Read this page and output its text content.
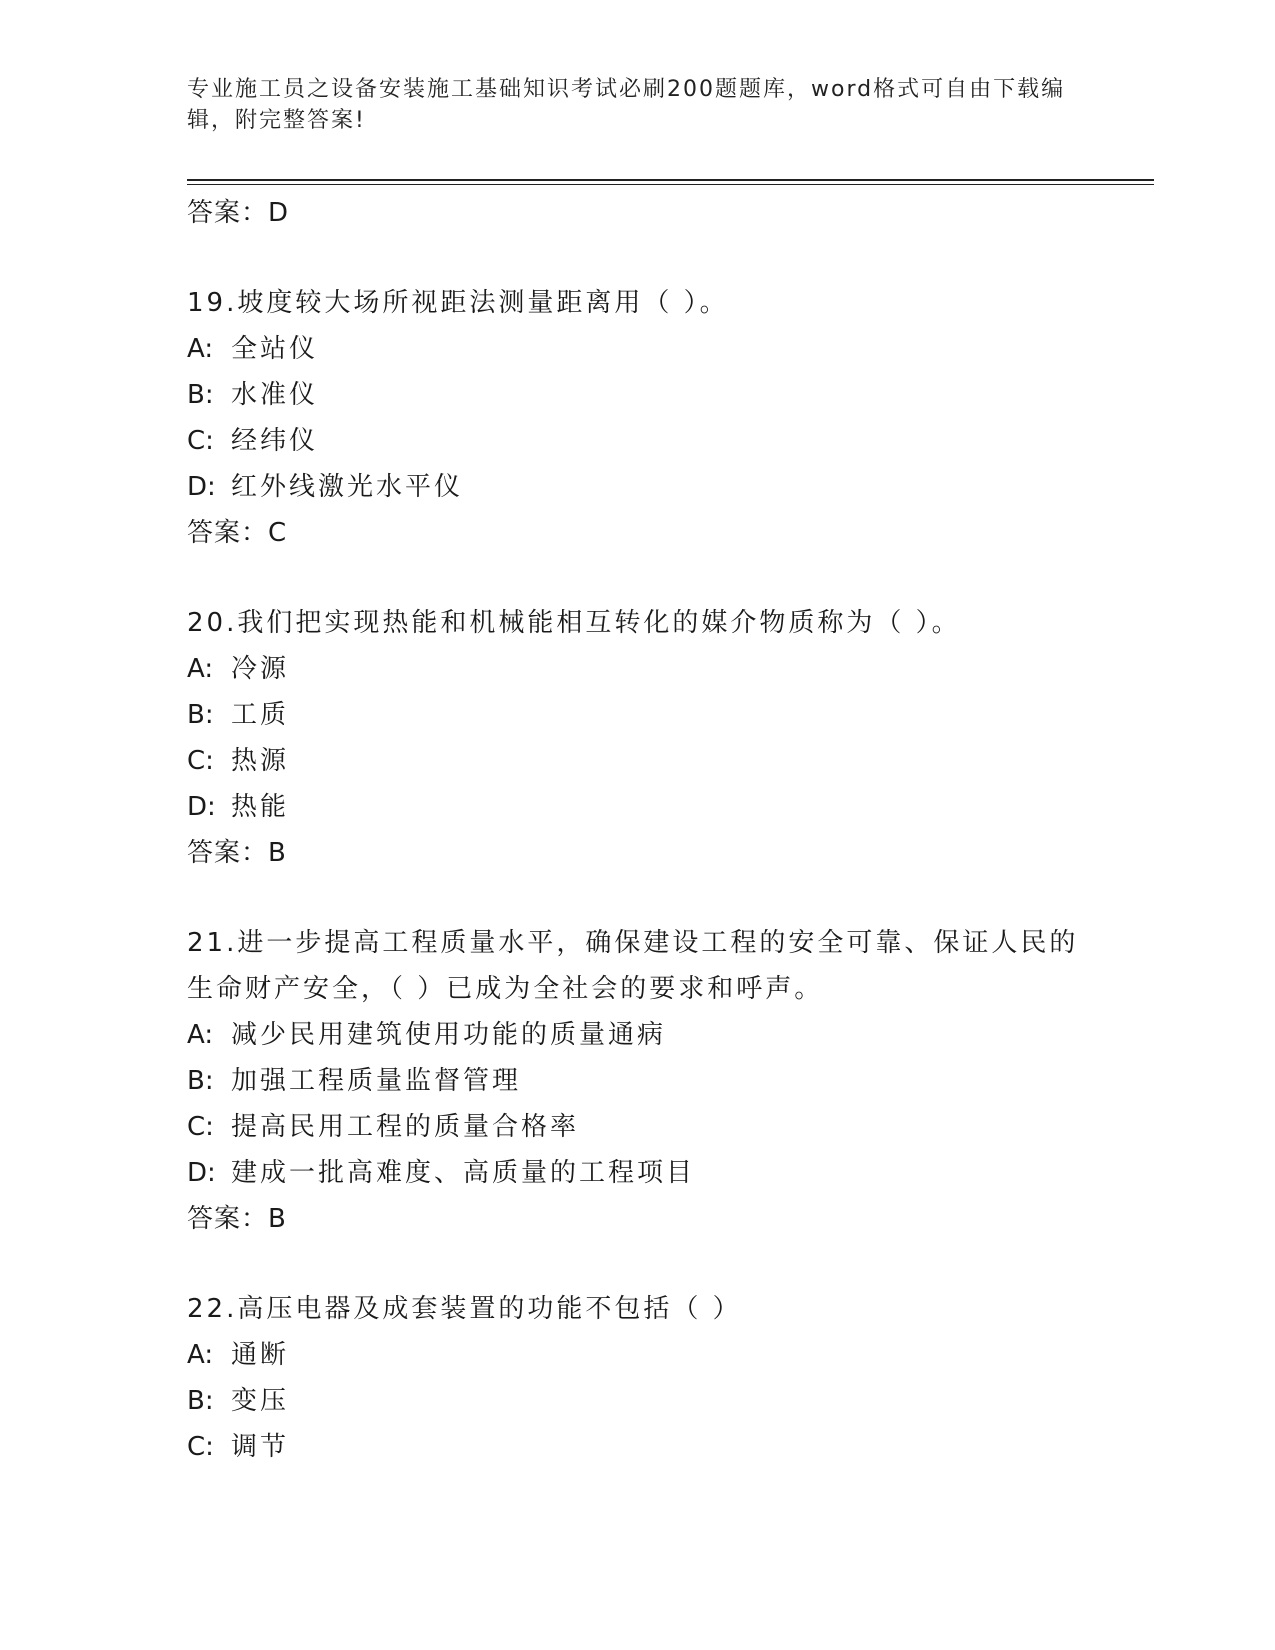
专业施工员之设备安装施工基础知识考试必刷200题题库，word格式可自由下载编辑，附完整答案!
答案：D
19.坡度较大场所视距法测量距离用（ ）。
A: 全站仪
B: 水准仪
C: 经纬仪
D: 红外线激光水平仪
答案：C
20.我们把实现热能和机械能相互转化的媒介物质称为（ ）。
A: 冷源
B: 工质
C: 热源
D: 热能
答案：B
21.进一步提高工程质量水平，确保建设工程的安全可靠、保证人民的
生命财产安全，（ ）已成为全社会的要求和呼声。
A: 减少民用建筑使用功能的质量通病
B: 加强工程质量监督管理
C: 提高民用工程的质量合格率
D: 建成一批高难度、高质量的工程项目
答案：B
22.高压电器及成套装置的功能不包括（ ）
A: 通断
B: 变压
C: 调节
